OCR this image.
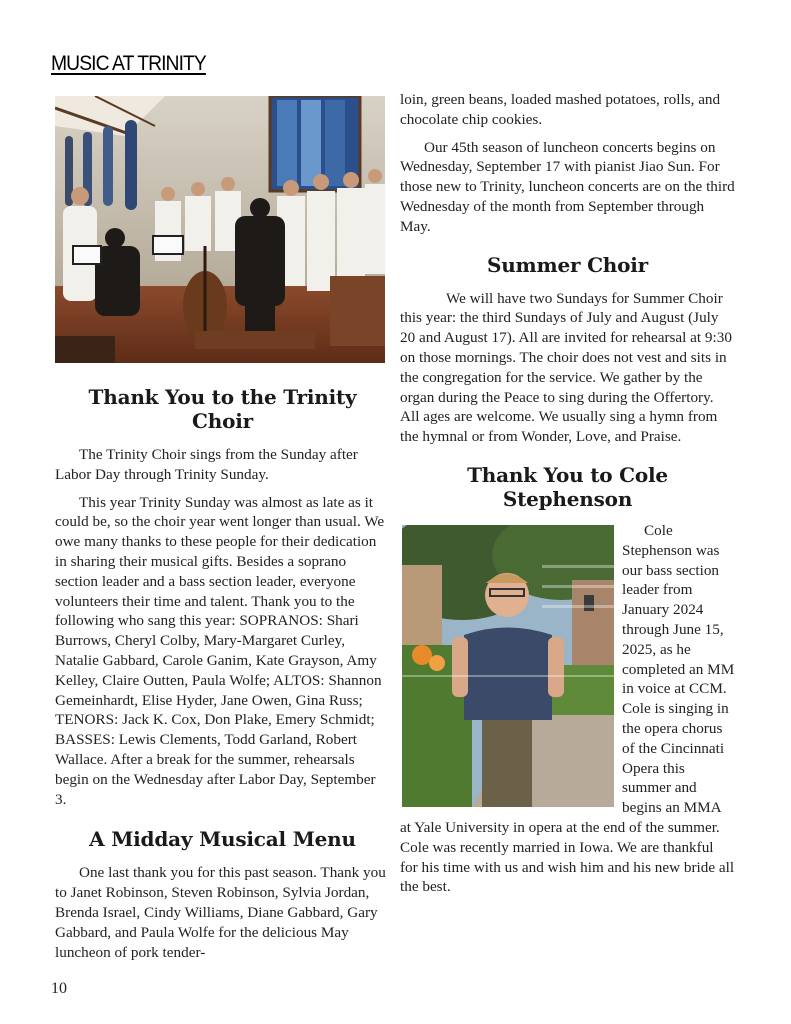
MUSIC AT TRINITY
Thank You to the Trinity Choir

The Trinity Choir sings from the Sunday after Labor Day through Trinity Sunday.

This year Trinity Sunday was almost as late as it could be, so the choir year went longer than usual. We owe many thanks to these people for their dedication in sharing their musical gifts. Besides a soprano section leader and a bass section leader, everyone volunteers their time and talent. Thank you to the following who sang this year: SOPRANOS: Shari Burrows, Cheryl Colby, Mary-Margaret Curley, Natalie Gabbard, Carole Ganim, Kate Grayson, Amy Kelley, Claire Outten, Paula Wolfe; ALTOS: Shannon Gemeinhardt, Elise Hyder, Jane Owen, Gina Russ; TENORS: Jack K. Cox, Don Plake, Emery Schmidt; BASSES: Lewis Clements, Todd Garland, Robert Wallace. After a break for the summer, rehearsals begin on the Wednesday after Labor Day, September 3.

A Midday Musical Menu

One last thank you for this past season. Thank you to Janet Robinson, Steven Robinson, Sylvia Jordan, Brenda Israel, Cindy Williams, Diane Gabbard, Gary Gabbard, and Paula Wolfe for the delicious May luncheon of pork tender-

loin, green beans, loaded mashed potatoes, rolls, and chocolate chip cookies.

Our 45th season of luncheon concerts begins on Wednesday, September 17 with pianist Jiao Sun. For those new to Trinity, luncheon concerts are on the third Wednesday of the month from September through May.

Summer Choir

We will have two Sundays for Summer Choir this year: the third Sundays of July and August (July 20 and August 17). All are invited for rehearsal at 9:30 on those mornings. The choir does not vest and sits in the congregation for the service. We gather by the organ during the Peace to sing during the Offertory. All ages are welcome. We usually sing a hymn from the hymnal or from Wonder, Love, and Praise.

Thank You to Cole Stephenson

Cole Stephenson was our bass section leader from January 2024 through June 15, 2025, as he completed an MM in voice at CCM. Cole is singing in the opera chorus of the Cincinnati Opera this summer and begins an MMA at Yale University in opera at the end of the summer. Cole was recently married in Iowa. We are thankful for his time with us and wish him and his new bride all the best.

10
